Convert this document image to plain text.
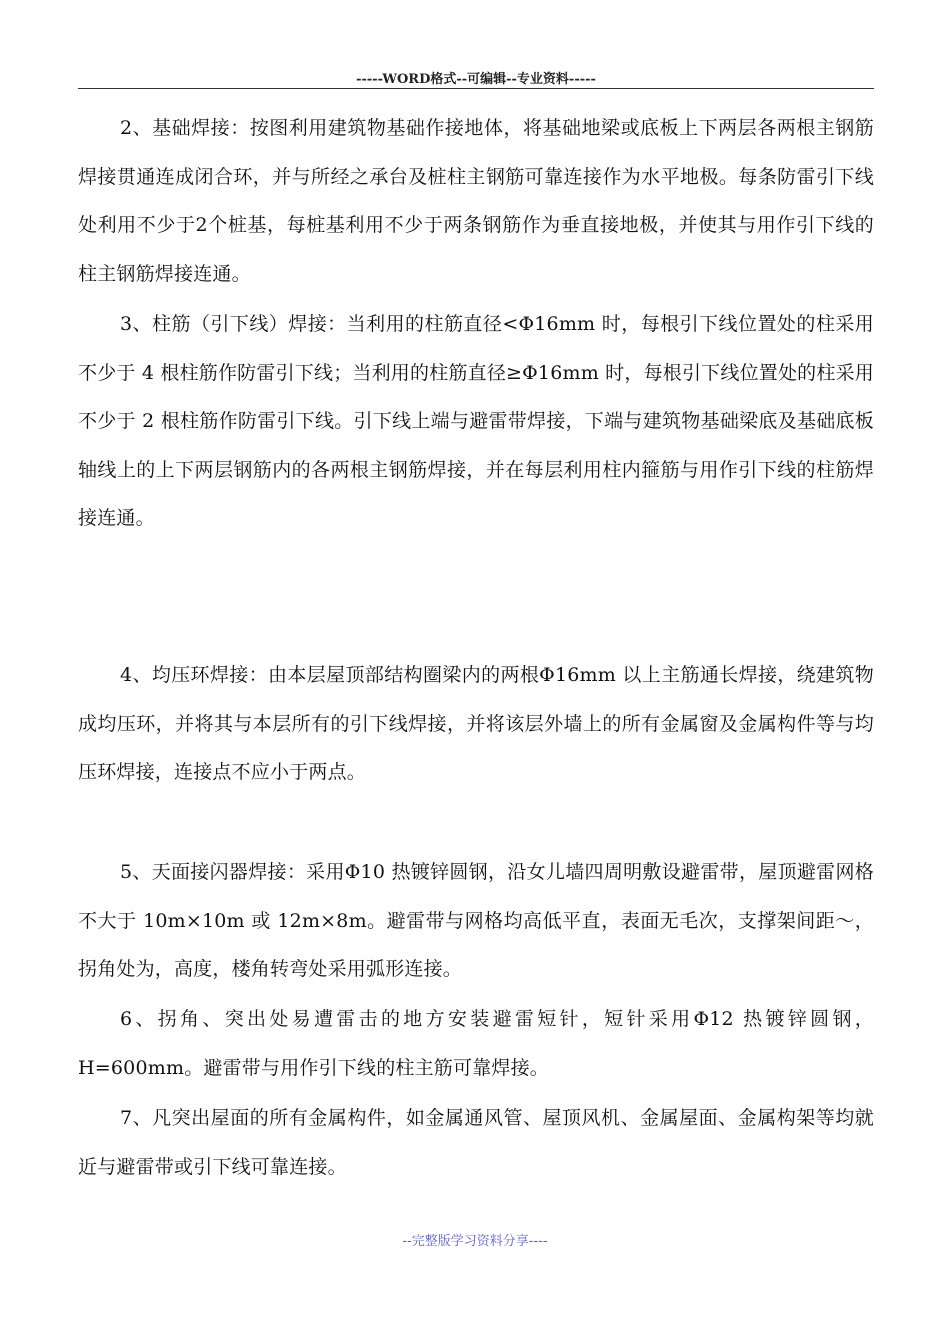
-----WORD格式--可编辑--专业资料-----
2、基础焊接：按图利用建筑物基础作接地体，将基础地梁或底板上下两层各两根主钢筋焊接贯通连成闭合环，并与所经之承台及桩柱主钢筋可靠连接作为水平地极。每条防雷引下线处利用不少于2个桩基，每桩基利用不少于两条钢筋作为垂直接地极，并使其与用作引下线的柱主钢筋焊接连通。
3、柱筋（引下线）焊接：当利用的柱筋直径<Φ16mm 时，每根引下线位置处的柱采用不少于 4 根柱筋作防雷引下线；当利用的柱筋直径≥Φ16mm 时，每根引下线位置处的柱采用不少于 2 根柱筋作防雷引下线。引下线上端与避雷带焊接，下端与建筑物基础梁底及基础底板轴线上的上下两层钢筋内的各两根主钢筋焊接，并在每层利用柱内箍筋与用作引下线的柱筋焊接连通。
4、均压环焊接：由本层屋顶部结构圈梁内的两根Φ16mm 以上主筋通长焊接，绕建筑物成均压环，并将其与本层所有的引下线焊接，并将该层外墙上的所有金属窗及金属构件等与均压环焊接，连接点不应小于两点。
5、天面接闪器焊接：采用Φ10 热镀锌圆钢，沿女儿墙四周明敷设避雷带，屋顶避雷网格不大于 10m×10m 或 12m×8m。避雷带与网格均高低平直，表面无毛次，支撑架间距～，拐角处为，高度，楼角转弯处采用弧形连接。
6、拐角、突出处易遭雷击的地方安装避雷短针，短针采用Φ12 热镀锌圆钢，H=600mm。避雷带与用作引下线的柱主筋可靠焊接。
7、凡突出屋面的所有金属构件，如金属通风管、屋顶风机、金属屋面、金属构架等均就近与避雷带或引下线可靠连接。
--完整版学习资料分享----
